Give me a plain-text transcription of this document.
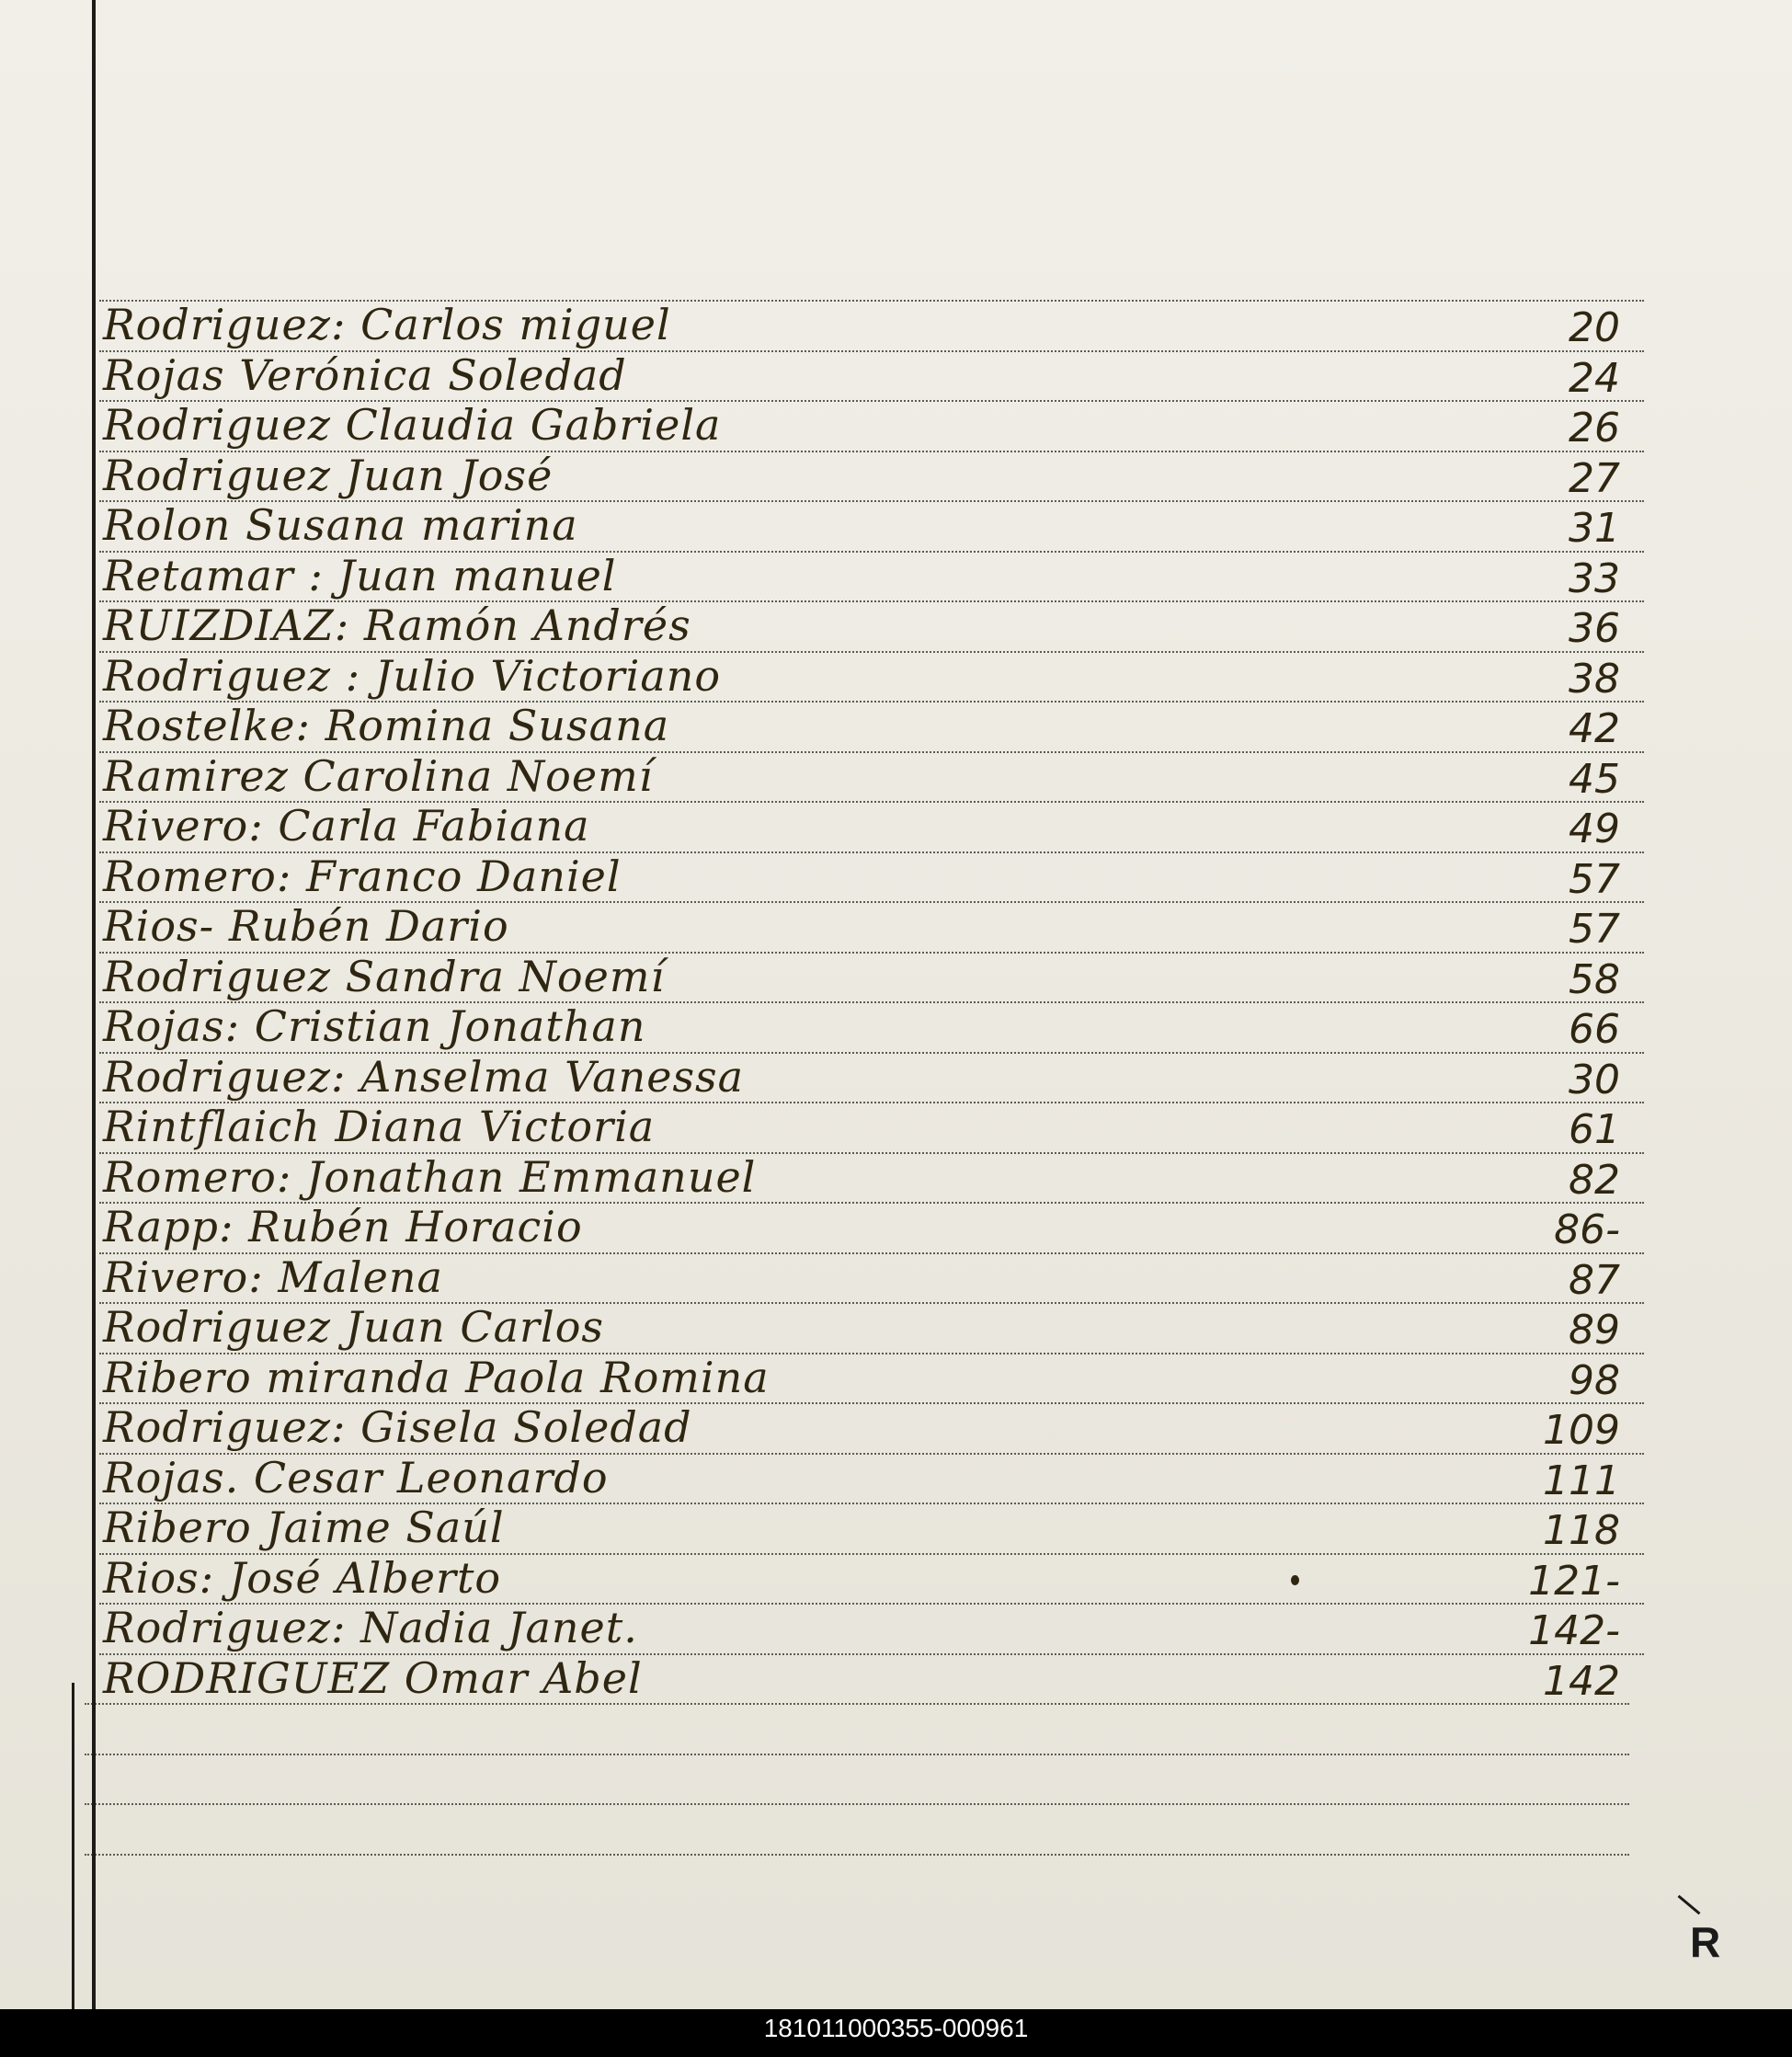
Rodriguez: Carlos miguel	20
Rojas Verónica Soledad	24
Rodriguez Claudia Gabriela	26
Rodriguez Juan José	27
Rolon Susana marina	31
Retamar : Juan manuel	33
RUIZDIAZ: Ramón Andrés	36
Rodriguez : Julio Victoriano	38
Rostelke: Romina Susana	42
Ramirez Carolina Noemí	45
Rivero: Carla Fabiana	49
Romero: Franco Daniel	57
Rios- Rubén Dario	57
Rodriguez Sandra Noemí	58
Rojas: Cristian Jonathan	66
Rodriguez: Anselma Vanessa	30
Rintflaich Diana Victoria	61
Romero: Jonathan Emmanuel	82
Rapp: Rubén Horacio	86-
Rivero: Malena	87
Rodriguez Juan Carlos	89
Ribero miranda Paola Romina	98
Rodriguez: Gisela Soledad	109
Rojas. Cesar Leonardo	111
Ribero Jaime Saúl	118
Rios: José Alberto	121-
Rodriguez: Nadia Janet.	142-
RODRIGUEZ Omar Abel	142
R
181011000355-000961
